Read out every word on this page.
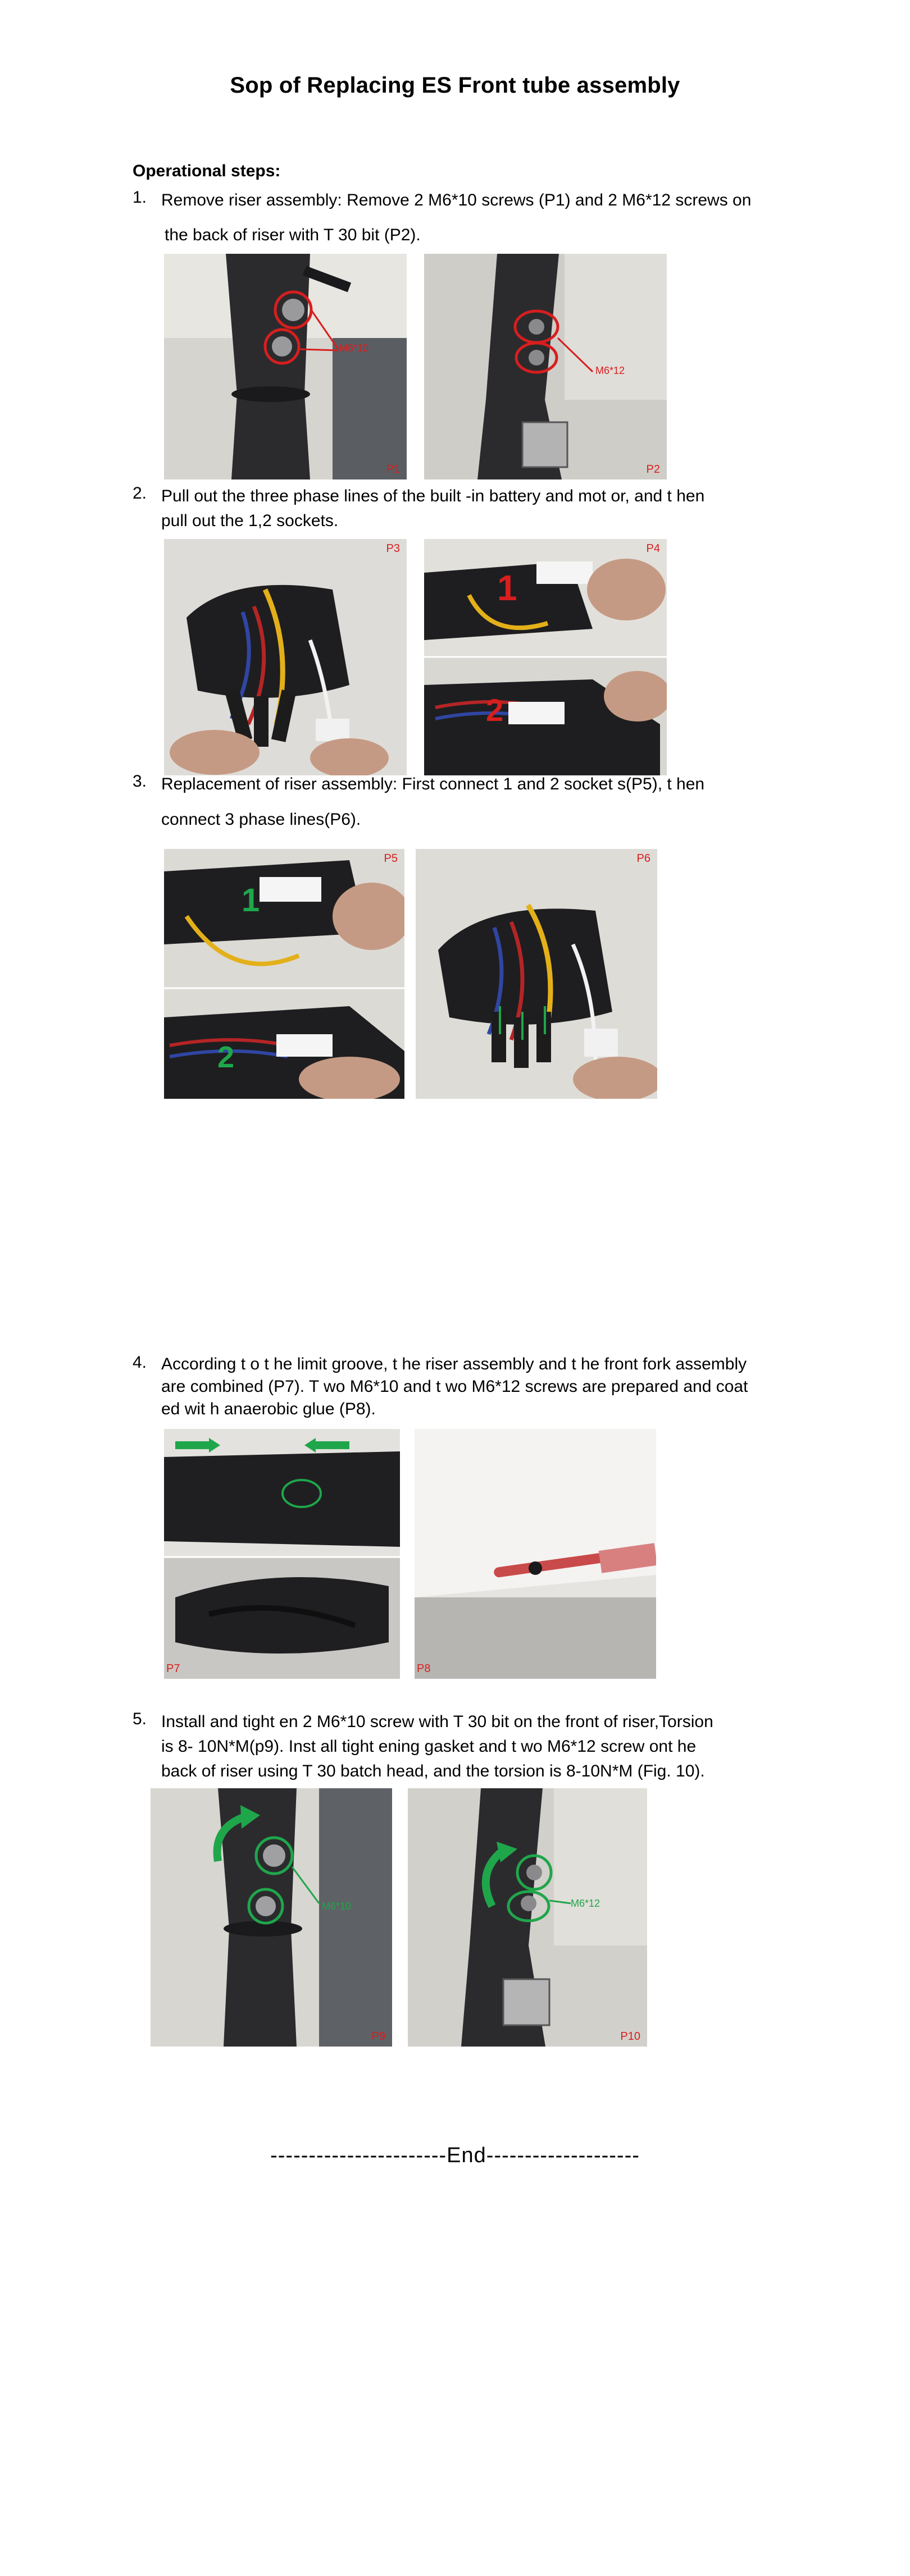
Sop of Replacing ES Front tube assembly
Operational steps:
1. Remove riser assembly: Remove 2 M6*10 screws (P1) and 2 M6*12 screws on
the back of riser with T 30 bit (P2).
M6*10
P1
M6*12
P2
2. Pull out the three phase lines of the built -in battery and mot or, and t hen
pull out the 1,2 sockets.
P3
1
2
P4
3. Replacement of riser assembly: First connect 1 and 2 socket s(P5), t hen
connect 3 phase lines(P6).
1
2
P5	P6
4. According t o t he limit groove, t he riser assembly and t he front fork assembly
are combined (P7). T wo M6*10 and t wo M6*12 screws are prepared and coat
ed wit h anaerobic glue (P8).
P7	P8
5. Install and tight en 2 M6*10 screw with T 30 bit on the front of riser,Torsion
is 8- 10N*M(p9). Inst all tight ening gasket and t wo M6*12 screw ont he
back of riser using T 30 batch head, and the torsion is 8-10N*M (Fig. 10).
M6*10
P9
M6*12
P10
-----------------------End--------------------
